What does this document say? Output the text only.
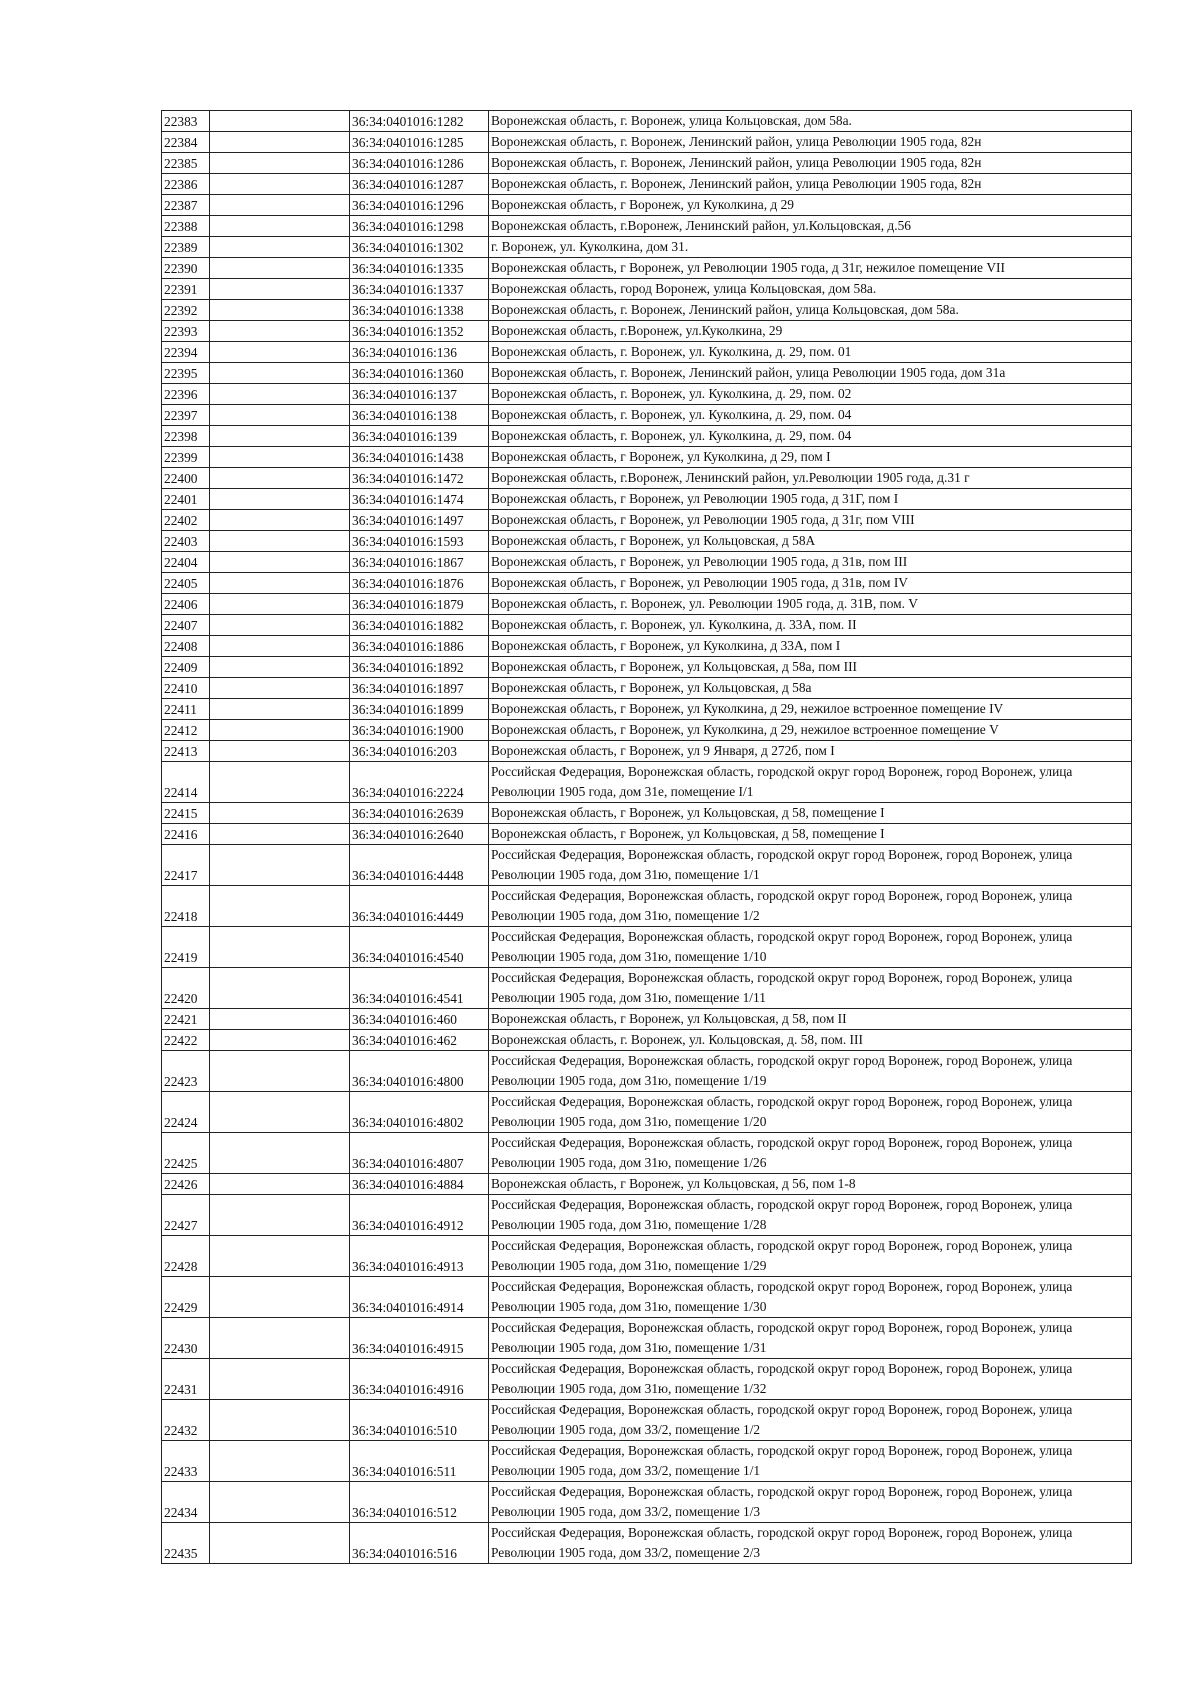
22383		36:34:0401016:1282	Воронежская область, г. Воронеж, улица Кольцовская, дом 58а.
22384		36:34:0401016:1285	Воронежская область, г. Воронеж, Ленинский район, улица Революции 1905 года, 82н
22385		36:34:0401016:1286	Воронежская область, г. Воронеж, Ленинский район, улица Революции 1905 года, 82н
22386		36:34:0401016:1287	Воронежская область, г. Воронеж, Ленинский район, улица Революции 1905 года, 82н
22387		36:34:0401016:1296	Воронежская область, г Воронеж, ул Куколкина, д 29
22388		36:34:0401016:1298	Воронежская область, г.Воронеж, Ленинский район, ул.Кольцовская, д.56
22389		36:34:0401016:1302	г. Воронеж, ул. Куколкина, дом 31.
22390		36:34:0401016:1335	Воронежская область, г Воронеж, ул Революции 1905 года, д 31г, нежилое помещение VII
22391		36:34:0401016:1337	Воронежская область, город Воронеж, улица Кольцовская, дом 58а.
22392		36:34:0401016:1338	Воронежская область, г. Воронеж, Ленинский район, улица Кольцовская, дом 58а.
22393		36:34:0401016:1352	Воронежская область, г.Воронеж, ул.Куколкина, 29
22394		36:34:0401016:136	Воронежская область, г. Воронеж, ул. Куколкина, д. 29, пом. 01
22395		36:34:0401016:1360	Воронежская область, г. Воронеж, Ленинский район, улица Революции 1905 года, дом 31а
22396		36:34:0401016:137	Воронежская область, г. Воронеж, ул. Куколкина, д. 29, пом. 02
22397		36:34:0401016:138	Воронежская область, г. Воронеж, ул. Куколкина, д. 29, пом. 04
22398		36:34:0401016:139	Воронежская область, г. Воронеж, ул. Куколкина, д. 29, пом. 04
22399		36:34:0401016:1438	Воронежская область, г Воронеж, ул Куколкина, д 29, пом I
22400		36:34:0401016:1472	Воронежская область, г.Воронеж, Ленинский район, ул.Революции 1905 года, д.31 г
22401		36:34:0401016:1474	Воронежская область, г Воронеж, ул Революции 1905 года, д 31Г, пом I
22402		36:34:0401016:1497	Воронежская область, г Воронеж, ул Революции 1905 года, д 31г, пом VIII
22403		36:34:0401016:1593	Воронежская область, г Воронеж, ул Кольцовская, д 58А
22404		36:34:0401016:1867	Воронежская область, г Воронеж, ул Революции 1905 года, д 31в, пом III
22405		36:34:0401016:1876	Воронежская область, г Воронеж, ул Революции 1905 года, д 31в, пом IV
22406		36:34:0401016:1879	Воронежская область, г. Воронеж, ул. Революции 1905 года, д. 31В, пом. V
22407		36:34:0401016:1882	Воронежская область, г. Воронеж, ул. Куколкина, д. 33А, пом. II
22408		36:34:0401016:1886	Воронежская область, г Воронеж, ул Куколкина, д 33А, пом I
22409		36:34:0401016:1892	Воронежская область, г Воронеж, ул Кольцовская, д 58а, пом III
22410		36:34:0401016:1897	Воронежская область, г Воронеж, ул Кольцовская, д 58а
22411		36:34:0401016:1899	Воронежская область, г Воронеж, ул Куколкина, д 29, нежилое встроенное помещение IV
22412		36:34:0401016:1900	Воронежская область, г Воронеж, ул Куколкина, д 29, нежилое встроенное помещение V
22413		36:34:0401016:203	Воронежская область, г Воронеж, ул 9 Января, д 272б, пом I
22414		36:34:0401016:2224	Российская Федерация, Воронежская область, городской округ город Воронеж, город Воронеж, улица Революции 1905 года, дом 31е, помещение I/1
22415		36:34:0401016:2639	Воронежская область, г Воронеж, ул Кольцовская, д 58, помещение I
22416		36:34:0401016:2640	Воронежская область, г Воронеж, ул Кольцовская, д 58, помещение I
22417		36:34:0401016:4448	Российская Федерация, Воронежская область, городской округ город Воронеж, город Воронеж, улица Революции 1905 года, дом 31ю, помещение 1/1
22418		36:34:0401016:4449	Российская Федерация, Воронежская область, городской округ город Воронеж, город Воронеж, улица Революции 1905 года, дом 31ю, помещение 1/2
22419		36:34:0401016:4540	Российская Федерация, Воронежская область, городской округ город Воронеж, город Воронеж, улица Революции 1905 года, дом 31ю, помещение 1/10
22420		36:34:0401016:4541	Российская Федерация, Воронежская область, городской округ город Воронеж, город Воронеж, улица Революции 1905 года, дом 31ю, помещение 1/11
22421		36:34:0401016:460	Воронежская область, г Воронеж, ул Кольцовская, д 58, пом II
22422		36:34:0401016:462	Воронежская область, г. Воронеж, ул. Кольцовская, д. 58, пом. III
22423		36:34:0401016:4800	Российская Федерация, Воронежская область, городской округ город Воронеж, город Воронеж, улица Революции 1905 года, дом 31ю, помещение 1/19
22424		36:34:0401016:4802	Российская Федерация, Воронежская область, городской округ город Воронеж, город Воронеж, улица Революции 1905 года, дом 31ю, помещение 1/20
22425		36:34:0401016:4807	Российская Федерация, Воронежская область, городской округ город Воронеж, город Воронеж, улица Революции 1905 года, дом 31ю, помещение 1/26
22426		36:34:0401016:4884	Воронежская область, г Воронеж, ул Кольцовская, д 56, пом 1-8
22427		36:34:0401016:4912	Российская Федерация, Воронежская область, городской округ город Воронеж, город Воронеж, улица Революции 1905 года, дом 31ю, помещение 1/28
22428		36:34:0401016:4913	Российская Федерация, Воронежская область, городской округ город Воронеж, город Воронеж, улица Революции 1905 года, дом 31ю, помещение 1/29
22429		36:34:0401016:4914	Российская Федерация, Воронежская область, городской округ город Воронеж, город Воронеж, улица Революции 1905 года, дом 31ю, помещение 1/30
22430		36:34:0401016:4915	Российская Федерация, Воронежская область, городской округ город Воронеж, город Воронеж, улица Революции 1905 года, дом 31ю, помещение 1/31
22431		36:34:0401016:4916	Российская Федерация, Воронежская область, городской округ город Воронеж, город Воронеж, улица Революции 1905 года, дом 31ю, помещение 1/32
22432		36:34:0401016:510	Российская Федерация, Воронежская область, городской округ город Воронеж, город Воронеж, улица Революции 1905 года, дом 33/2, помещение 1/2
22433		36:34:0401016:511	Российская Федерация, Воронежская область, городской округ город Воронеж, город Воронеж, улица Революции 1905 года, дом 33/2, помещение 1/1
22434		36:34:0401016:512	Российская Федерация, Воронежская область, городской округ город Воронеж, город Воронеж, улица Революции 1905 года, дом 33/2, помещение 1/3
22435		36:34:0401016:516	Российская Федерация, Воронежская область, городской округ город Воронеж, город Воронеж, улица Революции 1905 года, дом 33/2, помещение 2/3
